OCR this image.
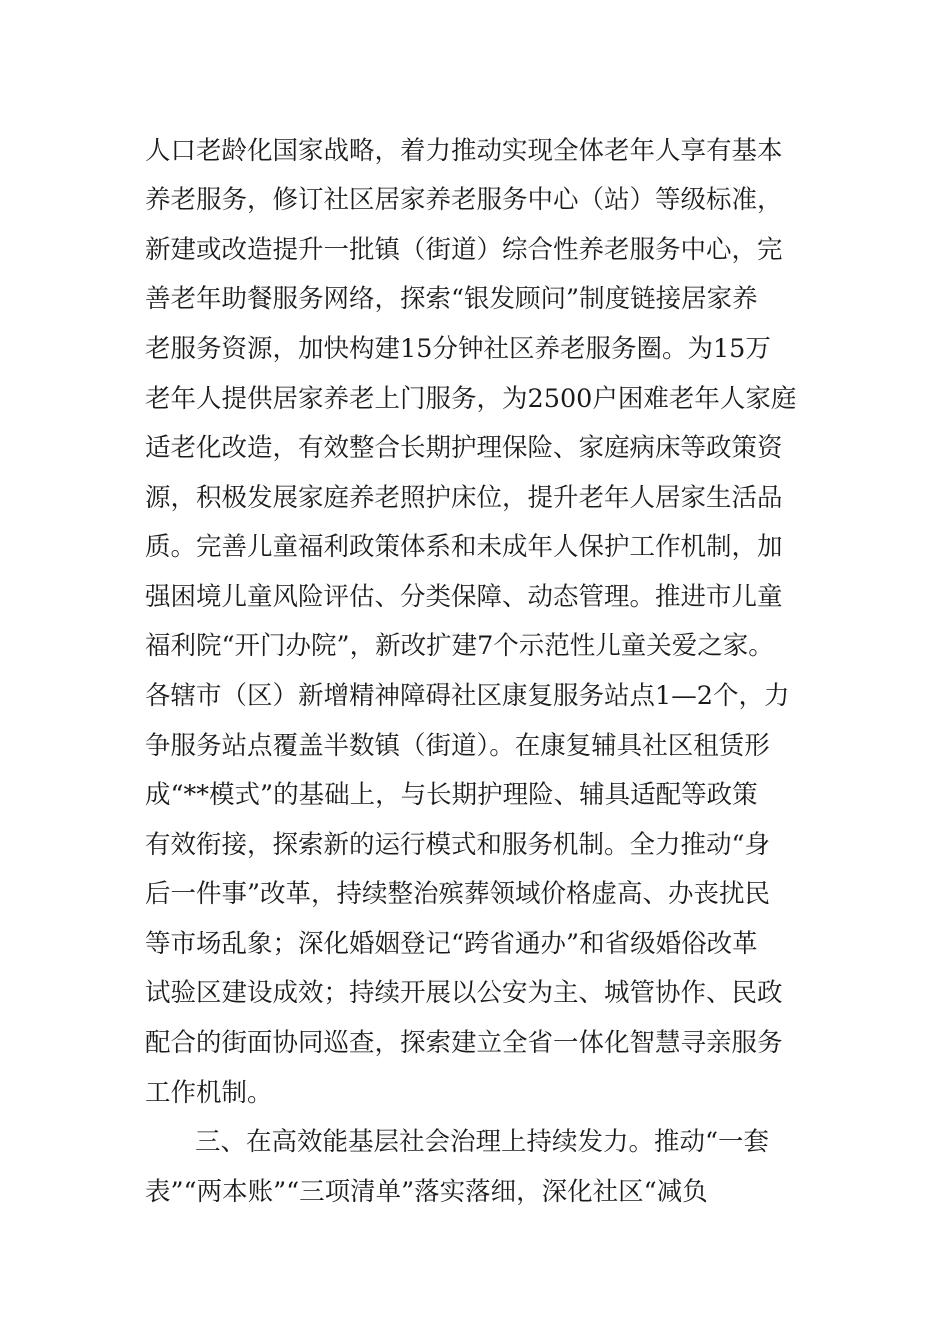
人口老龄化国家战略，着力推动实现全体老年人享有基本
养老服务，修订社区居家养老服务中心（站）等级标准，
新建或改造提升一批镇（街道）综合性养老服务中心，完
善老年助餐服务网络，探索“银发顾问”制度链接居家养
老服务资源，加快构建15分钟社区养老服务圈。为15万
老年人提供居家养老上门服务，为2500户困难老年人家庭
适老化改造，有效整合长期护理保险、家庭病床等政策资
源，积极发展家庭养老照护床位，提升老年人居家生活品
质。完善儿童福利政策体系和未成年人保护工作机制，加
强困境儿童风险评估、分类保障、动态管理。推进市儿童
福利院“开门办院”，新改扩建7个示范性儿童关爱之家。
各辖市（区）新增精神障碍社区康复服务站点1—2个，力
争服务站点覆盖半数镇（街道）。在康复辅具社区租赁形
成“**模式”的基础上，与长期护理险、辅具适配等政策
有效衔接，探索新的运行模式和服务机制。全力推动“身
后一件事”改革，持续整治殡葬领域价格虚高、办丧扰民
等市场乱象；深化婚姻登记“跨省通办”和省级婚俗改革
试验区建设成效；持续开展以公安为主、城管协作、民政
配合的街面协同巡查，探索建立全省一体化智慧寻亲服务
工作机制。
三、在高效能基层社会治理上持续发力。推动“一套
表”“两本账”“三项清单”落实落细，深化社区“减负
